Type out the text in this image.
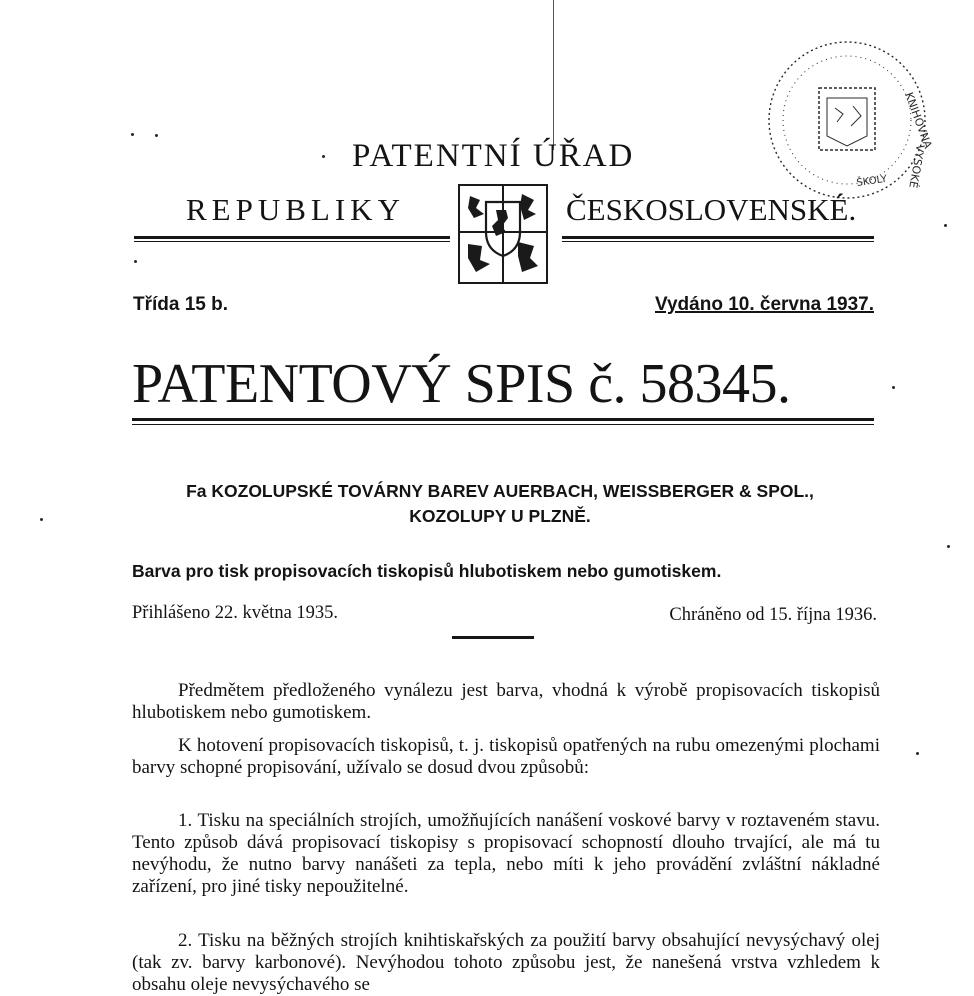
KNIHOVNA
VYSOKÉ
ŠKOLY
PATENTNÍ ÚŘAD
REPUBLIKY	ČESKOSLOVENSKÉ.
Třída 15 b.	Vydáno 10. června 1937.
PATENTOVÝ SPIS č. 58345.
Fa KOZOLUPSKÉ TOVÁRNY BAREV AUERBACH, WEISSBERGER & SPOL.,
KOZOLUPY U PLZNĚ.
Barva pro tisk propisovacích tiskopisů hlubotiskem nebo gumotiskem.
Přihlášeno 22. května 1935.	Chráněno od 15. října 1936.
Předmětem předloženého vynálezu jest barva, vhodná k výrobě propisovacích tiskopisů hlubotiskem nebo gumotiskem.
K hotovení propisovacích tiskopisů, t. j. tiskopisů opatřených na rubu omezenými plochami barvy schopné propisování, užívalo se dosud dvou způsobů:
1. Tisku na speciálních strojích, umožňujících nanášení voskové barvy v roztaveném stavu. Tento způsob dává propisovací tiskopisy s propisovací schopností dlouho trvající, ale má tu nevýhodu, že nutno barvy nanášeti za tepla, nebo míti k jeho provádění zvláštní nákladné zařízení, pro jiné tisky nepoužitelné.
2. Tisku na běžných strojích knihtiskařských za použití barvy obsahující nevysýchavý olej (tak zv. barvy karbonové). Nevýhodou tohoto způsobu jest, že nanešená vrstva vzhledem k obsahu oleje nevysýchavého se
